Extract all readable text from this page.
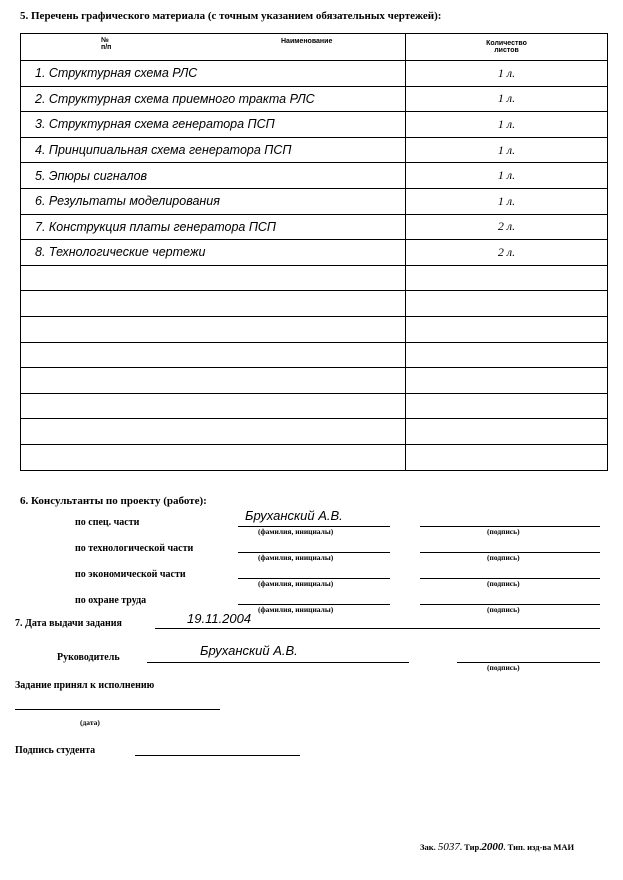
5. Перечень графического материала (с точным указанием обязательных чертежей):

№
п/п

Наименование	Количество
листов
1. Структурная схема РЛС	1 л.
2. Структурная схема приемного тракта РЛС	1 л.
3. Структурная схема генератора ПСП	1 л.
4. Принципиальная схема генератора ПСП	1 л.
5. Эпюры сигналов	1 л.
6. Результаты моделирования	1 л.
7. Конструкция платы генератора ПСП	2 л.
8. Технологические чертежи	2 л.

6. Консультанты по проекту (работе):
по спец. части	Бруханский А.В.
(фамилия, инициалы)	(подпись)
по технологической части
(фамилия, инициалы)	(подпись)
по экономической части
(фамилия, инициалы)	(подпись)
по охране труда
(фамилия, инициалы)	(подпись)
7. Дата выдачи задания	19.11.2004
Руководитель	Бруханский А.В.
(подпись)
Задание принял к исполнению
(дата)
Подпись студента
Зак. 5037. Тир.2000. Тип. изд-ва МАИ
